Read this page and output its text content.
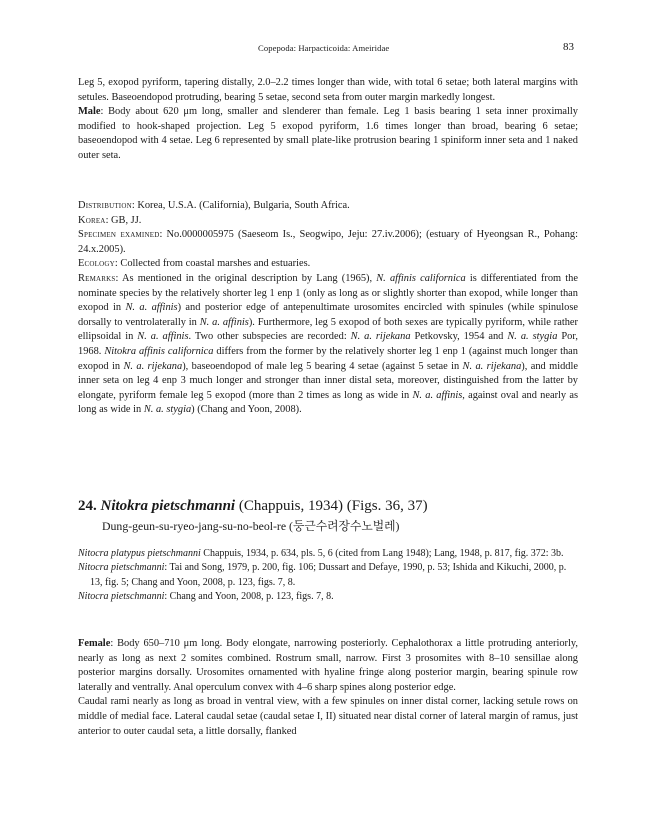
Copepoda: Harpacticoida: Ameiridae	83

Leg 5, exopod pyriform, tapering distally, 2.0–2.2 times longer than wide, with total 6 setae; both lateral margins with setules. Baseoendopod protruding, bearing 5 setae, second seta from outer margin markedly longest.

Male: Body about 620 μm long, smaller and slenderer than female. Leg 1 basis bearing 1 seta inner proximally modified to hook-shaped projection. Leg 5 exopod pyriform, 1.6 times longer than broad, bearing 6 setae; baseoendopod with 4 setae. Leg 6 represented by small plate-like protrusion bearing 1 spiniform inner seta and 1 naked outer seta.

Distribution: Korea, U.S.A. (California), Bulgaria, South Africa.

Korea: GB, JJ.

Specimen examined: No.0000005975 (Saeseom Is., Seogwipo, Jeju: 27.iv.2006); (estuary of Hyeongsan R., Pohang: 24.x.2005).

Ecology: Collected from coastal marshes and estuaries.

Remarks: As mentioned in the original description by Lang (1965), N. affinis californica is differentiated from the nominate species by the relatively shorter leg 1 enp 1 (only as long as or slightly shorter than exopod, while longer than exopod in N. a. affinis) and posterior edge of antepenultimate urosomites encircled with spinules (while spinulose dorsally to ventrolaterally in N. a. affinis). Furthermore, leg 5 exopod of both sexes are typically pyriform, while rather ellipsoidal in N. a. affinis. Two other subspecies are recorded: N. a. rijekana Petkovsky, 1954 and N. a. stygia Por, 1968. Nitokra affinis californica differs from the former by the relatively shorter leg 1 enp 1 (against much longer than exopod in N. a. rijekana), baseoendopod of male leg 5 bearing 4 setae (against 5 setae in N. a. rijekana), and middle inner seta on leg 4 enp 3 much longer and stronger than inner distal seta, moreover, distinguished from the latter by elongate, pyriform female leg 5 exopod (more than 2 times as long as wide in N. a. affinis, against oval and nearly as long as wide in N. a. stygia) (Chang and Yoon, 2008).

24. Nitokra pietschmanni (Chappuis, 1934) (Figs. 36, 37)
Dung-geun-su-ryeo-jang-su-no-beol-re (둥근수려장수노벌레)

Nitocra platypus pietschmanni Chappuis, 1934, p. 634, pls. 5, 6 (cited from Lang 1948); Lang, 1948, p. 817, fig. 372: 3b.

Nitocra pietschmanni: Tai and Song, 1979, p. 200, fig. 106; Dussart and Defaye, 1990, p. 53; Ishida and Kikuchi, 2000, p. 13, fig. 5; Chang and Yoon, 2008, p. 123, figs. 7, 8.

Nitocra pietschmanni: Chang and Yoon, 2008, p. 123, figs. 7, 8.

Female: Body 650–710 μm long. Body elongate, narrowing posteriorly. Cephalothorax a little protruding anteriorly, nearly as long as next 2 somites combined. Rostrum small, narrow. First 3 prosomites with 8–10 sensillae along posterior margins dorsally. Urosomites ornamented with hyaline fringe along posterior margin, bearing spinule row laterally and ventrally. Anal operculum convex with 4–6 sharp spines along posterior edge.

Caudal rami nearly as long as broad in ventral view, with a few spinules on inner distal corner, lacking setule rows on middle of medial face. Lateral caudal setae (caudal setae I, II) situated near distal corner of lateral margin of ramus, just anterior to outer caudal seta, a little dorsally, flanked
